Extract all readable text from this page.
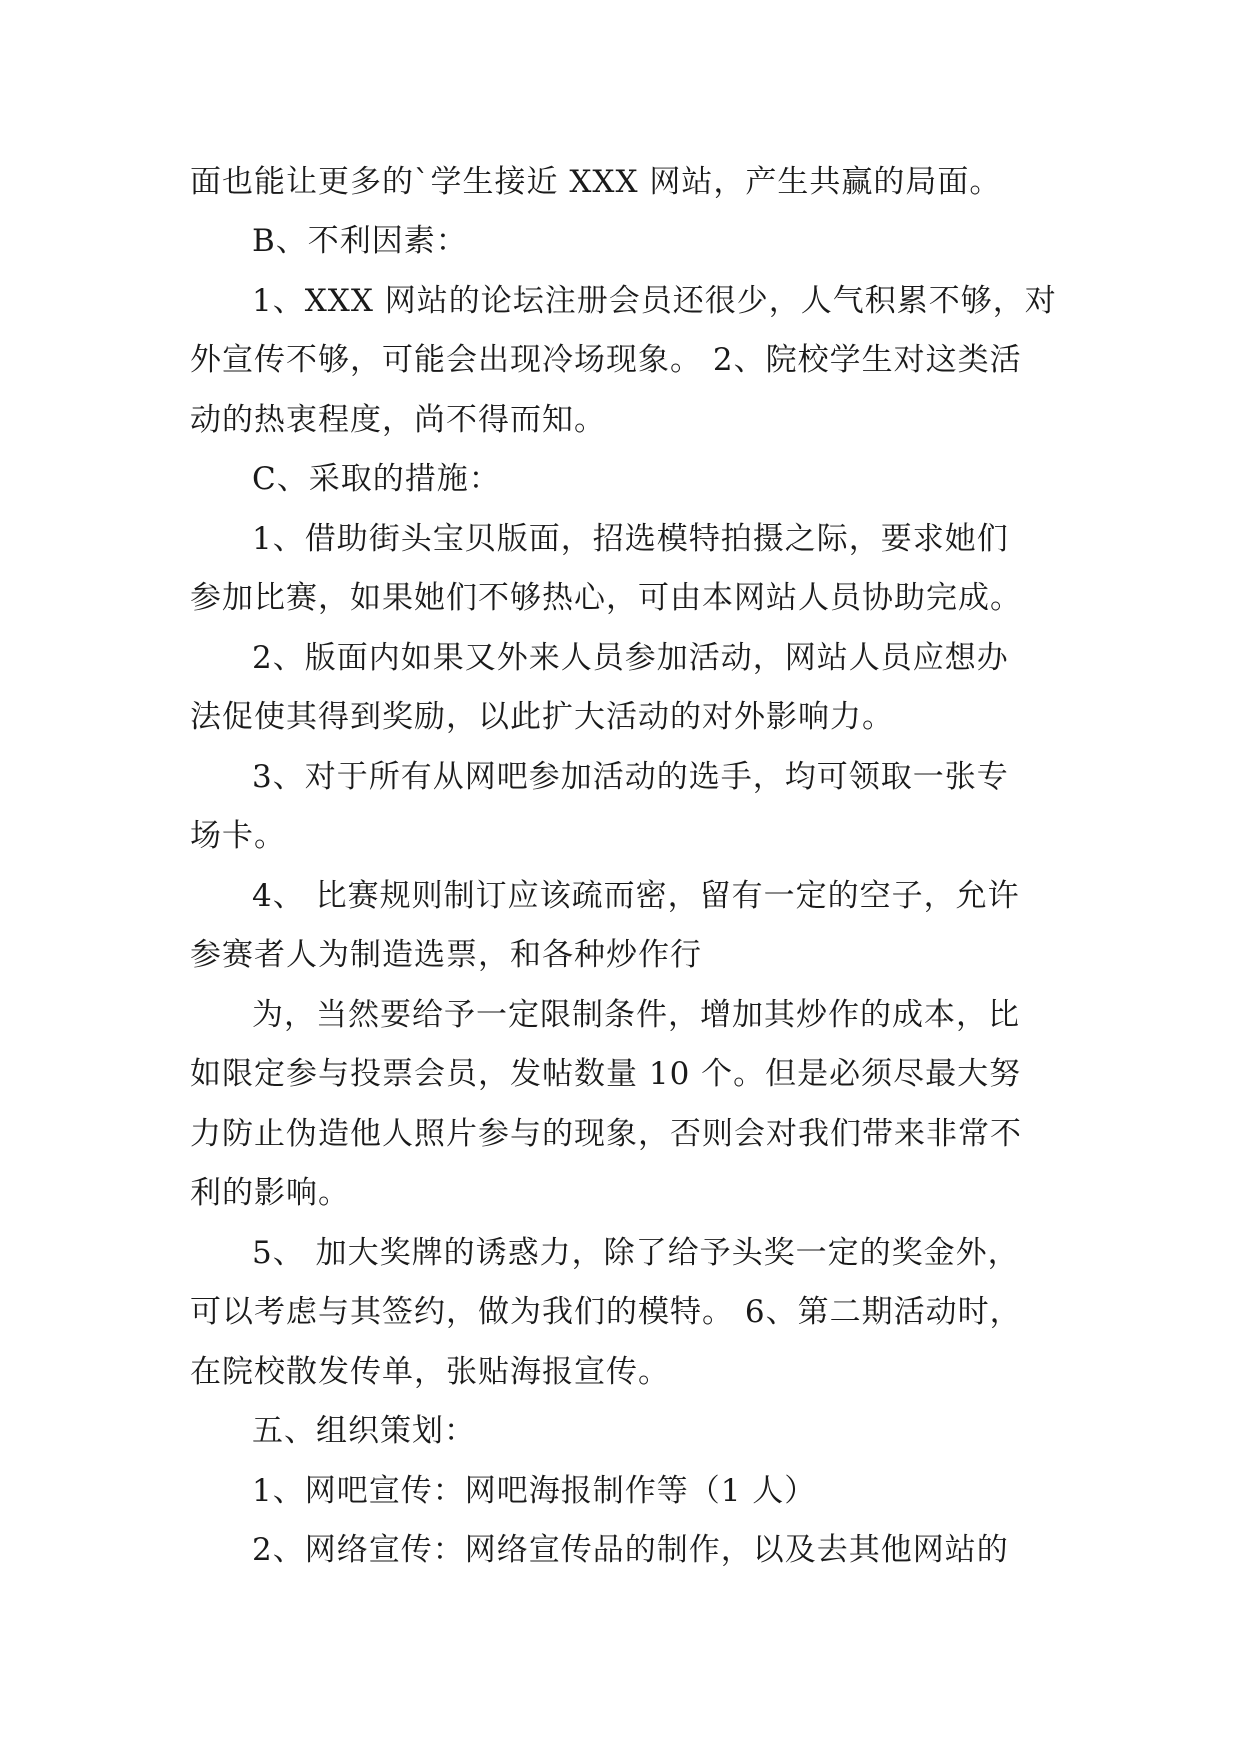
面也能让更多的`学生接近 XXX 网站，产生共赢的局面。
B、不利因素：
1、XXX 网站的论坛注册会员还很少，人气积累不够，对
外宣传不够，可能会出现冷场现象。 2、院校学生对这类活
动的热衷程度，尚不得而知。
C、采取的措施：
1、借助街头宝贝版面，招选模特拍摄之际，要求她们
参加比赛，如果她们不够热心，可由本网站人员协助完成。
2、版面内如果又外来人员参加活动，网站人员应想办
法促使其得到奖励，以此扩大活动的对外影响力。
3、对于所有从网吧参加活动的选手，均可领取一张专
场卡。
4、 比赛规则制订应该疏而密，留有一定的空子，允许
参赛者人为制造选票，和各种炒作行
为，当然要给予一定限制条件，增加其炒作的成本，比
如限定参与投票会员，发帖数量 10 个。但是必须尽最大努
力防止伪造他人照片参与的现象，否则会对我们带来非常不
利的影响。
5、 加大奖牌的诱惑力，除了给予头奖一定的奖金外，
可以考虑与其签约，做为我们的模特。 6、第二期活动时，
在院校散发传单，张贴海报宣传。
五、组织策划：
1、网吧宣传：网吧海报制作等（1 人）
2、网络宣传：网络宣传品的制作，以及去其他网站的
